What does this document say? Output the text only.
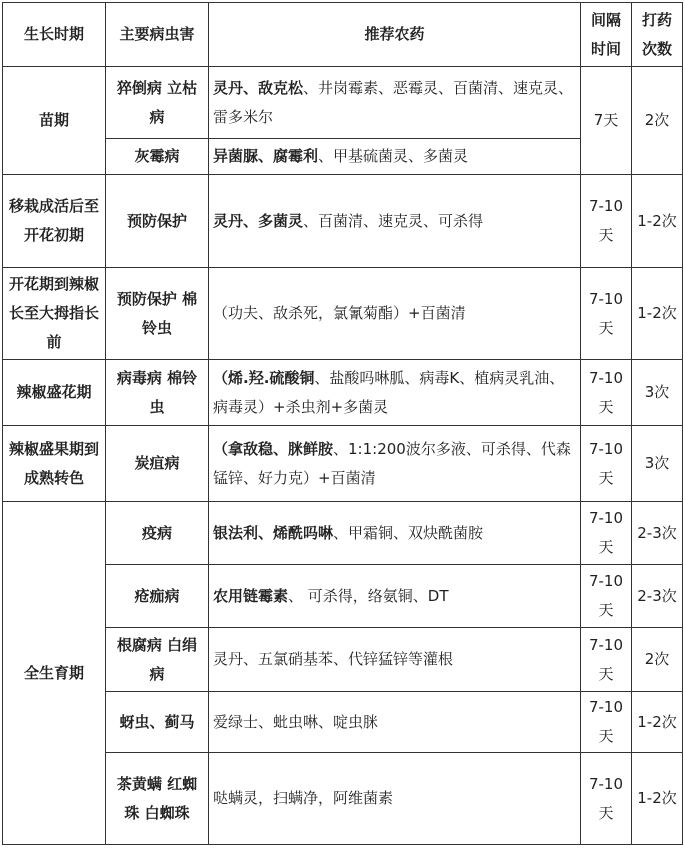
生长时期	主要病虫害	推荐农药	间隔时间	打药次数
苗期	猝倒病 立枯病	灵丹、敌克松、井岗霉素、恶霉灵、百菌清、速克灵、雷多米尔	7天	2次
	灰霉病	异菌脲、腐霉利、甲基硫菌灵、多菌灵		
移栽成活后至 开花初期	预防保护	灵丹、多菌灵、百菌清、速克灵、可杀得	7-10天	1-2次
开花期到辣椒长至大拇指长前	预防保护 棉铃虫	（功夫、敌杀死，氯氰菊酯）+百菌清	7-10天	1-2次
辣椒盛花期	病毒病 棉铃虫	（烯.羟.硫酸铜、盐酸吗啉胍、病毒K、植病灵乳油、病毒灵）+杀虫剂+多菌灵	7-10天	3次
辣椒盛果期到 成熟转色	炭疽病	（拿敌稳、脒鲜胺、1:1:200波尔多液、可杀得、代森锰锌、好力克）+百菌清	7-10天	3次
全生育期	疫病	银法利、烯酰吗啉、甲霜铜、双炔酰菌胺	7-10天	2-3次
	疮痂病	农用链霉素、 可杀得，络氨铜、DT	7-10天	2-3次
	根腐病 白绢病	灵丹、五氯硝基苯、代锌猛锌等灌根	7-10天	2次
	蚜虫、蓟马	爱绿士、蚍虫啉、啶虫脒	7-10天	1-2次
	茶黄螨 红蜘珠 白蜘珠	哒螨灵，扫螨净，阿维菌素	7-10天	1-2次
